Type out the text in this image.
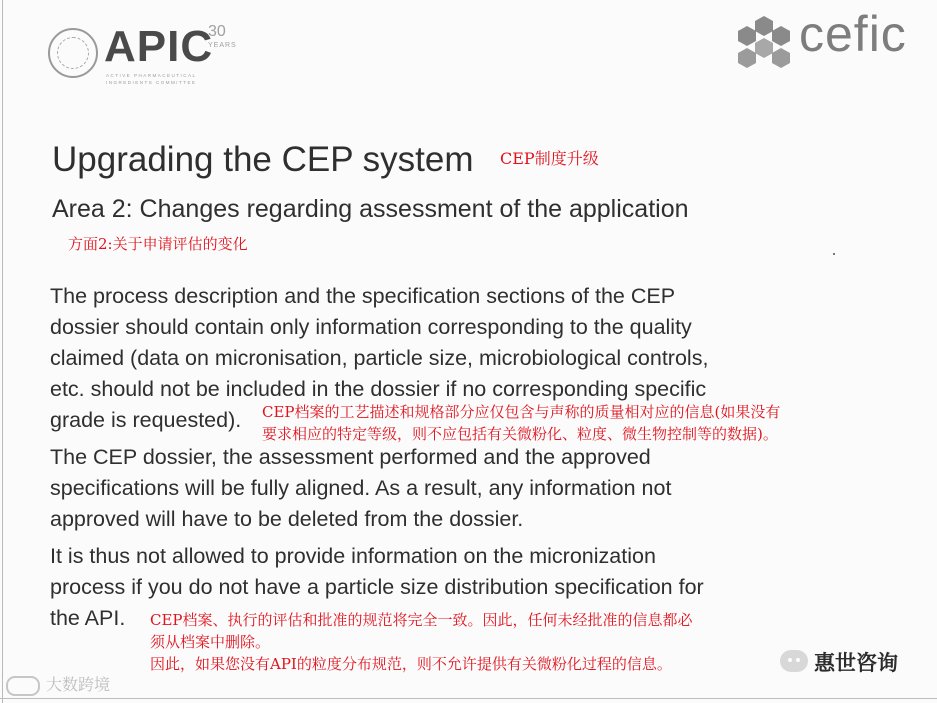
APIC
30
YEARS
ACTIVE PHARMACEUTICAL INGREDIENTS COMMITTEE
cefic
Upgrading the CEP system CEP制度升级
Area 2: Changes regarding assessment of the application
方面2:关于申请评估的变化
The process description and the specification sections of the CEP
dossier should contain only information corresponding to the quality
claimed (data on micronisation, particle size, microbiological controls,
etc. should not be included in the dossier if no corresponding specific
grade is requested). CEP档案的工艺描述和规格部分应仅包含与声称的质量相对应的信息(如果没有
要求相应的特定等级，则不应包括有关微粉化、粒度、微生物控制等的数据)。
The CEP dossier, the assessment performed and the approved
specifications will be fully aligned. As a result, any information not
approved will have to be deleted from the dossier.
It is thus not allowed to provide information on the micronization
process if you do not have a particle size distribution specification for
the API. CEP档案、执行的评估和批准的规范将完全一致。因此，任何未经批准的信息都必
须从档案中删除。
因此，如果您没有API的粒度分布规范，则不允许提供有关微粉化过程的信息。
大数跨境
惠世咨询
